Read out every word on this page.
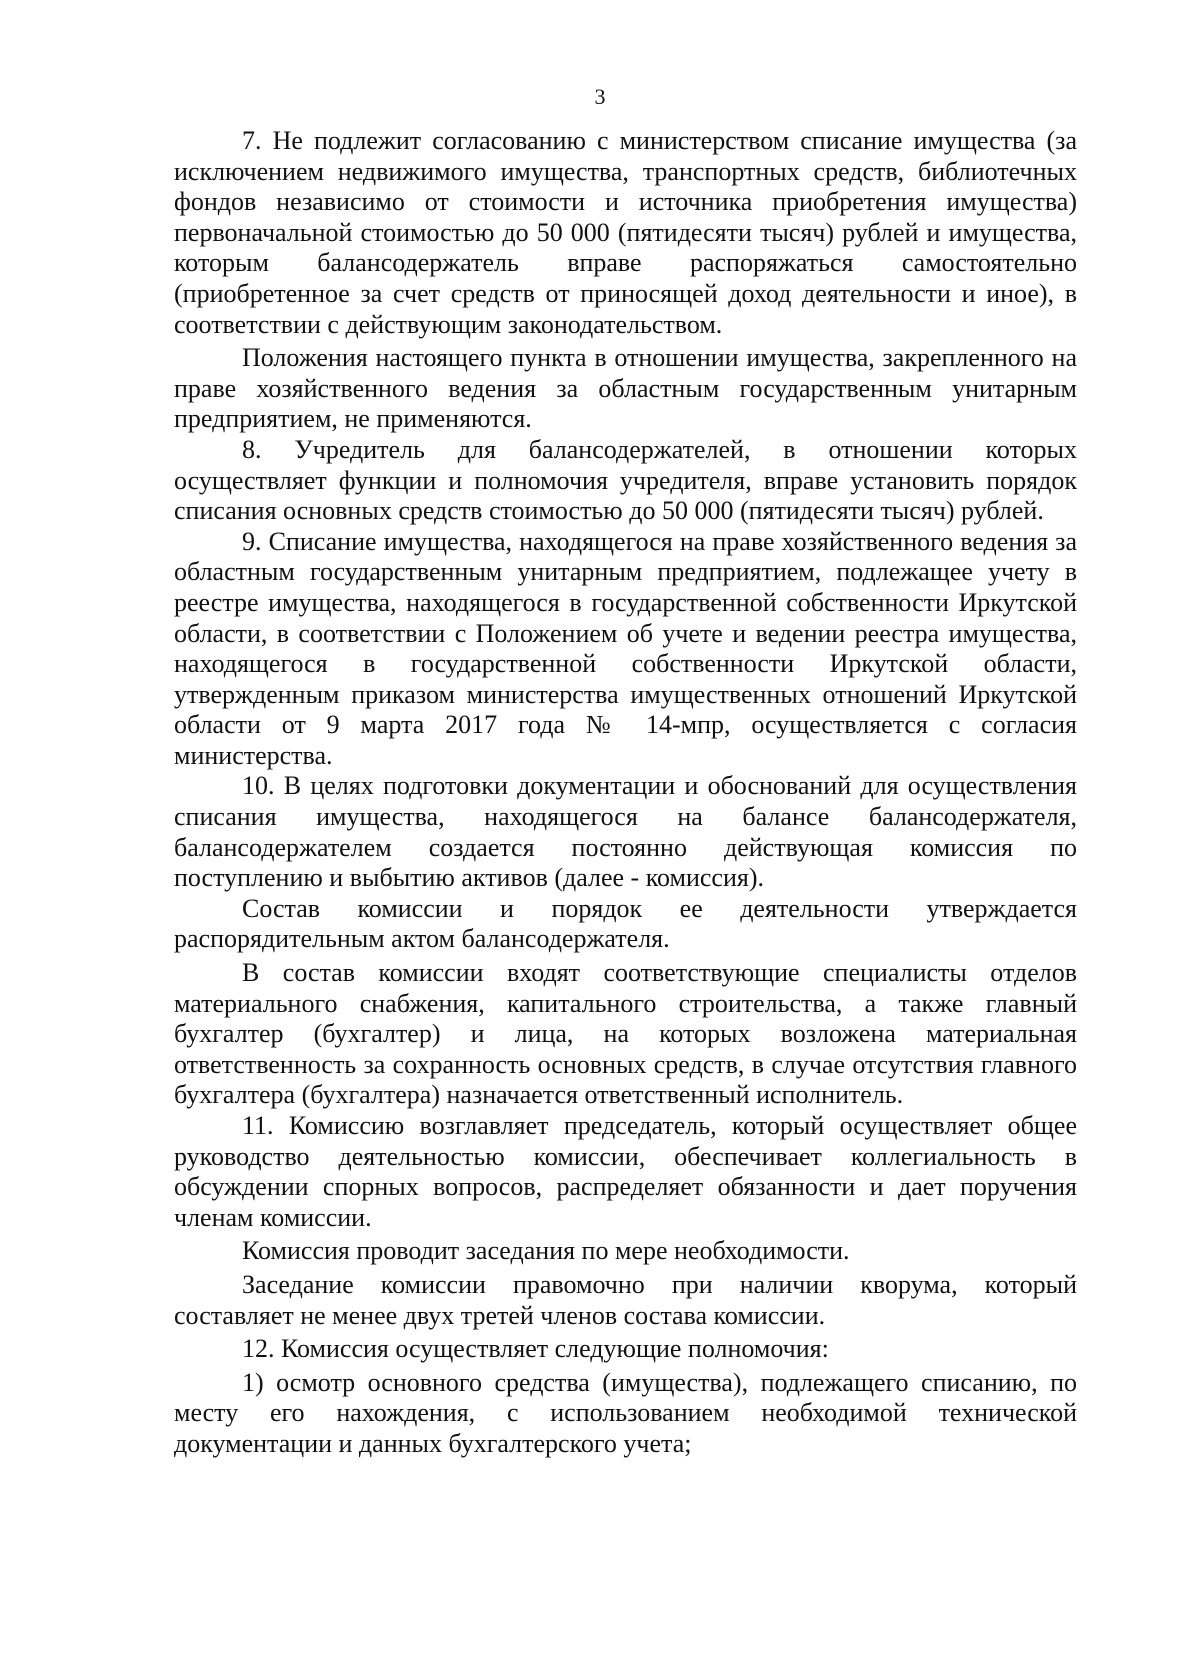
3

7. Не подлежит согласованию с министерством списание имущества (за исключением недвижимого имущества, транспортных средств, библиотечных фондов независимо от стоимости и источника приобретения имущества) первоначальной стоимостью до 50 000 (пятидесяти тысяч) рублей и имущества, которым балансодержатель вправе распоряжаться самостоятельно (приобретенное за счет средств от приносящей доход деятельности и иное), в соответствии с действующим законодательством.

Положения настоящего пункта в отношении имущества, закрепленного на праве хозяйственного ведения за областным государственным унитарным предприятием, не применяются.

8. Учредитель для балансодержателей, в отношении которых осуществляет функции и полномочия учредителя, вправе установить порядок списания основных средств стоимостью до 50 000 (пятидесяти тысяч) рублей.

9. Списание имущества, находящегося на праве хозяйственного ведения за областным государственным унитарным предприятием, подлежащее учету в реестре имущества, находящегося в государственной собственности Иркутской области, в соответствии с Положением об учете и ведении реестра имущества, находящегося в государственной собственности Иркутской области, утвержденным приказом министерства имущественных отношений Иркутской области от 9 марта 2017 года № 14-мпр, осуществляется с согласия министерства.

10. В целях подготовки документации и обоснований для осуществления списания имущества, находящегося на балансе балансодержателя, балансодержателем создается постоянно действующая комиссия по поступлению и выбытию активов (далее - комиссия).

Состав комиссии и порядок ее деятельности утверждается распорядительным актом балансодержателя.

В состав комиссии входят соответствующие специалисты отделов материального снабжения, капитального строительства, а также главный бухгалтер (бухгалтер) и лица, на которых возложена материальная ответственность за сохранность основных средств, в случае отсутствия главного бухгалтера (бухгалтера) назначается ответственный исполнитель.

11. Комиссию возглавляет председатель, который осуществляет общее руководство деятельностью комиссии, обеспечивает коллегиальность в обсуждении спорных вопросов, распределяет обязанности и дает поручения членам комиссии.

Комиссия проводит заседания по мере необходимости.

Заседание комиссии правомочно при наличии кворума, который составляет не менее двух третей членов состава комиссии.

12. Комиссия осуществляет следующие полномочия:

1) осмотр основного средства (имущества), подлежащего списанию, по месту его нахождения, с использованием необходимой технической документации и данных бухгалтерского учета;
